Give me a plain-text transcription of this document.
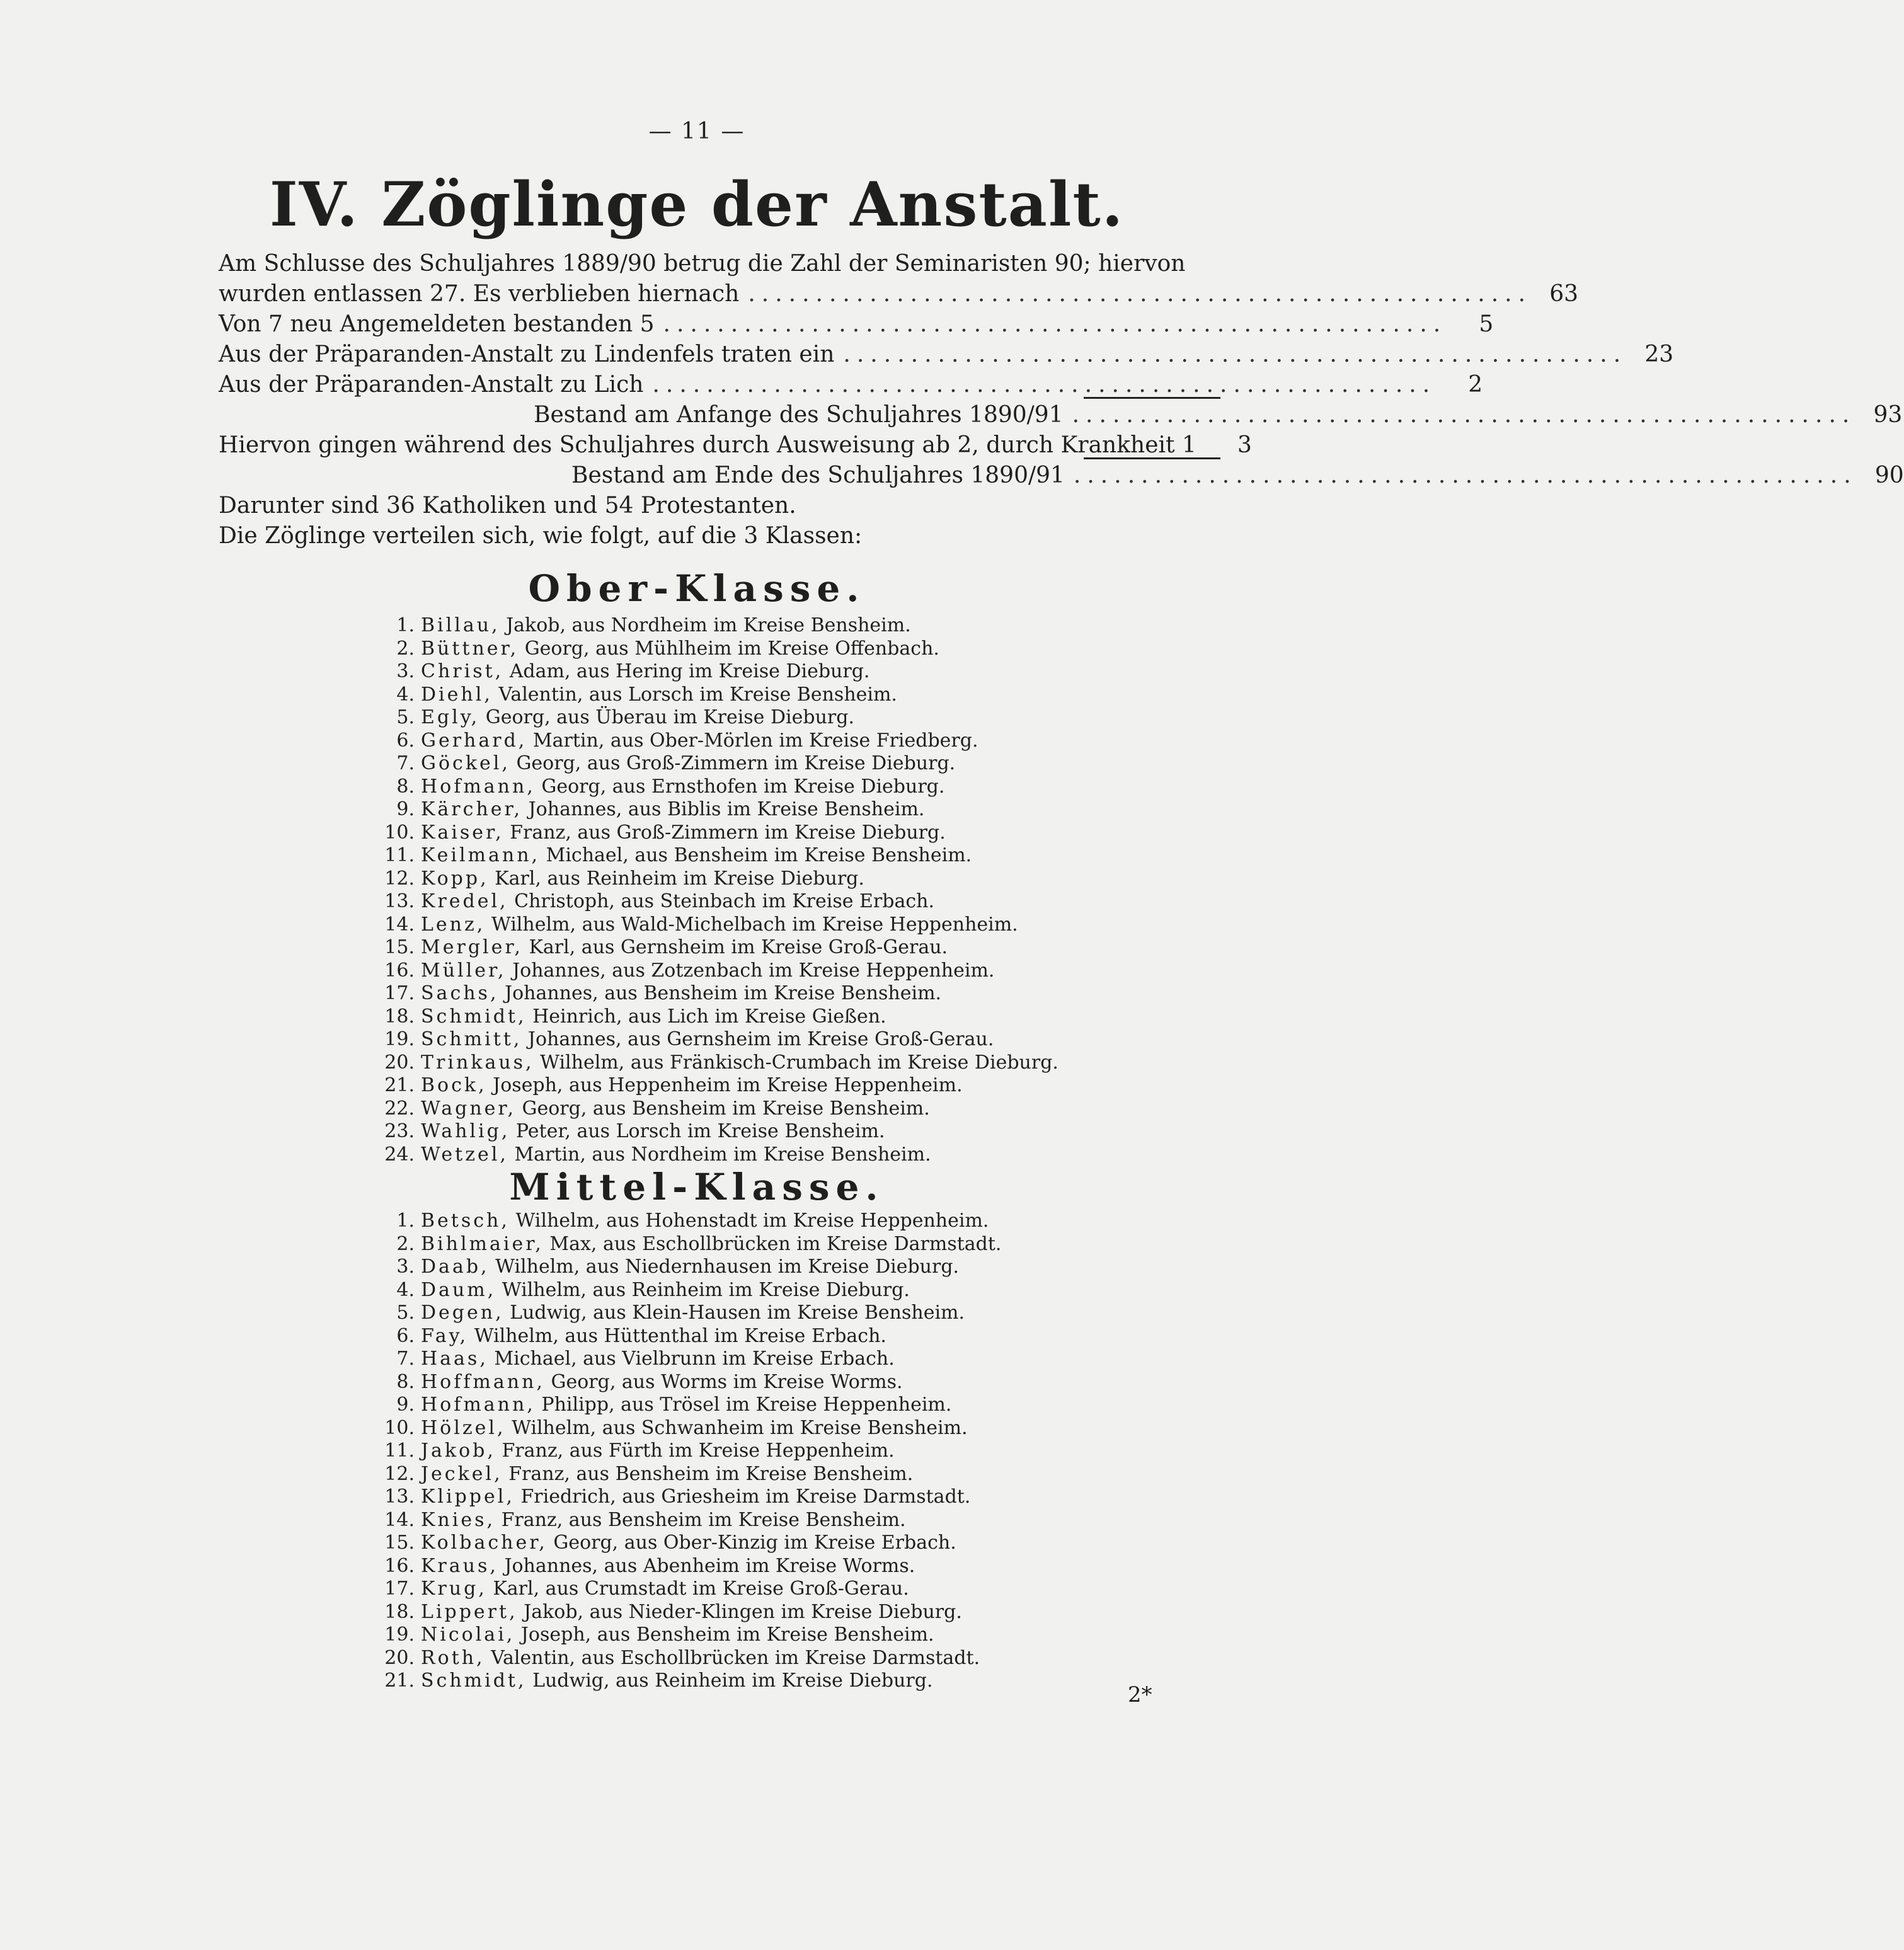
— 11 —
IV. Zöglinge der Anstalt.
Am Schlusse des Schuljahres 1889/90 betrug die Zahl der Seminaristen 90; hiervon
wurden entlassen 27. Es verblieben hiernach .......................................................... 63
Von 7 neu Angemeldeten bestanden 5 ..........................................................	5
Aus der Präparanden-Anstalt zu Lindenfels traten ein .......................................................... 23
Aus der Präparanden-Anstalt zu Lich ..........................................................	2
Bestand am Anfange des Schuljahres 1890/91 .......................................................... 93
Hiervon gingen während des Schuljahres durch Ausweisung ab 2, durch Krankheit 1	3
Bestand am Ende des Schuljahres 1890/91 .......................................................... 90
Darunter sind 36 Katholiken und 54 Protestanten.
Die Zöglinge verteilen sich, wie folgt, auf die 3 Klassen:
Ober-Klasse.
1. Billau,
Jakob, aus Nordheim im Kreise Bensheim.
2. Büttner,
Georg, aus Mühlheim im Kreise Offenbach.
3. Christ,
Adam, aus Hering im Kreise Dieburg.
4. Diehl,
Valentin, aus Lorsch im Kreise Bensheim.
5. Egly,
Georg, aus Überau im Kreise Dieburg.
6. Gerhard,
Martin, aus Ober-Mörlen im Kreise Friedberg.
7. Göckel,
Georg, aus Groß-Zimmern im Kreise Dieburg.
8. Hofmann,
Georg, aus Ernsthofen im Kreise Dieburg.
9. Kärcher,
Johannes, aus Biblis im Kreise Bensheim.
10. Kaiser,
Franz, aus Groß-Zimmern im Kreise Dieburg.
11. Keilmann,
Michael, aus Bensheim im Kreise Bensheim.
12. Kopp,
Karl, aus Reinheim im Kreise Dieburg.
13. Kredel,
Christoph, aus Steinbach im Kreise Erbach.
14. Lenz,
Wilhelm, aus Wald-Michelbach im Kreise Heppenheim.
15. Mergler,
Karl, aus Gernsheim im Kreise Groß-Gerau.
16. Müller,
Johannes, aus Zotzenbach im Kreise Heppenheim.
17. Sachs,
Johannes, aus Bensheim im Kreise Bensheim.
18. Schmidt,
Heinrich, aus Lich im Kreise Gießen.
19. Schmitt,
Johannes, aus Gernsheim im Kreise Groß-Gerau.
20. Trinkaus,
Wilhelm, aus Fränkisch-Crumbach im Kreise Dieburg.
21. Bock,
Joseph, aus Heppenheim im Kreise Heppenheim.
22. Wagner,
Georg, aus Bensheim im Kreise Bensheim.
23. Wahlig,
Peter, aus Lorsch im Kreise Bensheim.
24. Wetzel,
Martin, aus Nordheim im Kreise Bensheim.
Mittel-Klasse.
1. Betsch,
Wilhelm, aus Hohenstadt im Kreise Heppenheim.
2. Bihlmaier,
Max, aus Eschollbrücken im Kreise Darmstadt.
3. Daab,
Wilhelm, aus Niedernhausen im Kreise Dieburg.
4. Daum,
Wilhelm, aus Reinheim im Kreise Dieburg.
5. Degen,
Ludwig, aus Klein-Hausen im Kreise Bensheim.
6. Fay,
Wilhelm, aus Hüttenthal im Kreise Erbach.
7. Haas,
Michael, aus Vielbrunn im Kreise Erbach.
8. Hoffmann,
Georg, aus Worms im Kreise Worms.
9. Hofmann,
Philipp, aus Trösel im Kreise Heppenheim.
10. Hölzel,
Wilhelm, aus Schwanheim im Kreise Bensheim.
11. Jakob,
Franz, aus Fürth im Kreise Heppenheim.
12. Jeckel,
Franz, aus Bensheim im Kreise Bensheim.
13. Klippel,
Friedrich, aus Griesheim im Kreise Darmstadt.
14. Knies,
Franz, aus Bensheim im Kreise Bensheim.
15. Kolbacher,
Georg, aus Ober-Kinzig im Kreise Erbach.
16. Kraus,
Johannes, aus Abenheim im Kreise Worms.
17. Krug,
Karl, aus Crumstadt im Kreise Groß-Gerau.
18. Lippert,
Jakob, aus Nieder-Klingen im Kreise Dieburg.
19. Nicolai,
Joseph, aus Bensheim im Kreise Bensheim.
20. Roth,
Valentin, aus Eschollbrücken im Kreise Darmstadt.
21. Schmidt,
Ludwig, aus Reinheim im Kreise Dieburg.
2*
